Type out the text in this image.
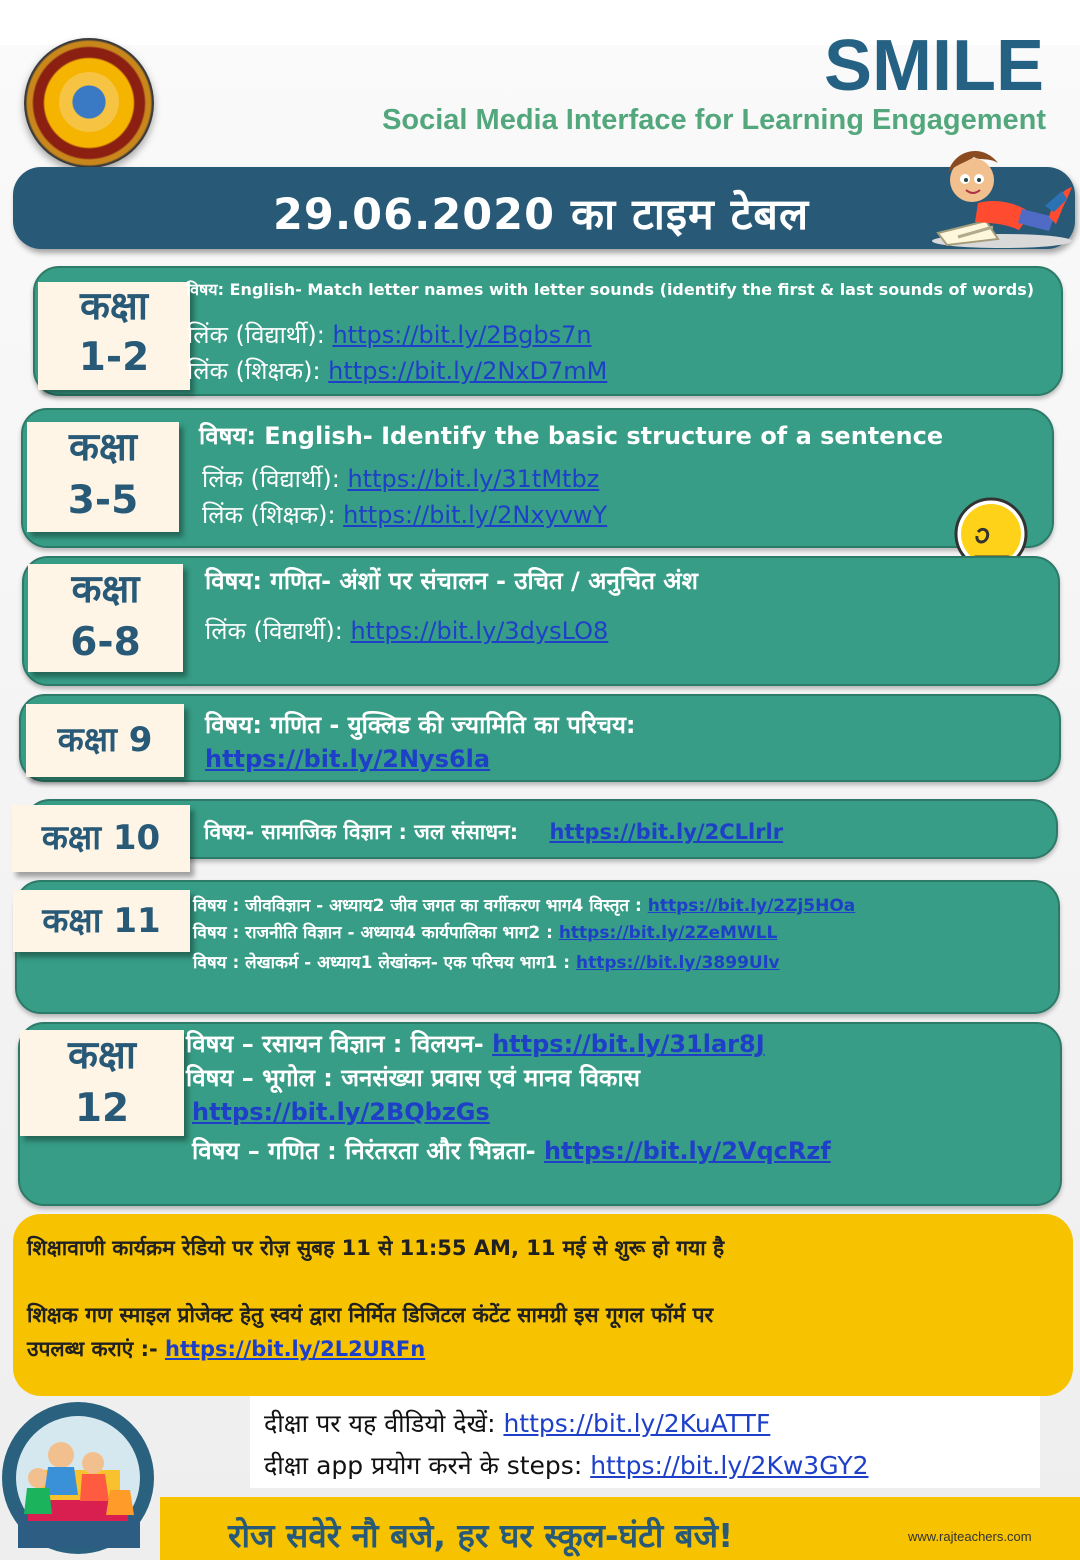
SMILE
Social Media Interface for Learning Engagement
29.06.2020 का टाइम टेबल
कक्षा
1-2
विषय: English- Match letter names with letter sounds (identify the first & last sounds of words)
लिंक (विद्यार्थी): https://bit.ly/2Bgbs7n
लिंक (शिक्षक): https://bit.ly/2NxD7mM
कक्षा
3-5
विषय: English- Identify the basic structure of a sentence
लिंक (विद्यार्थी): https://bit.ly/31tMtbz
लिंक (शिक्षक): https://bit.ly/2NxyvwY
कक्षा
6-8
विषय: गणित- अंशों पर संचालन - उचित / अनुचित अंश
लिंक (विद्यार्थी): https://bit.ly/3dysLO8
कक्षा 9	विषय: गणित - युक्लिड की ज्यामिति का परिचय:
https://bit.ly/2Nys6la
कक्षा 10	विषय- सामाजिक विज्ञान : जल संसाधन: https://bit.ly/2CLlrlr
कक्षा 11	विषय : जीवविज्ञान - अध्याय2 जीव जगत का वर्गीकरण भाग4 विस्तृत : https://bit.ly/2Zj5HOa
विषय : राजनीति विज्ञान - अध्याय4 कार्यपालिका भाग2 : https://bit.ly/2ZeMWLL
विषय : लेखाकर्म - अध्याय1 लेखांकन- एक परिचय भाग1 : https://bit.ly/3899Ulv
कक्षा
12
विषय – रसायन विज्ञान : विलयन- https://bit.ly/31lar8J
विषय – भूगोल : जनसंख्या प्रवास एवं मानव विकास
https://bit.ly/2BQbzGs
विषय – गणित : निरंतरता और भिन्नता- https://bit.ly/2VqcRzf
शिक्षावाणी कार्यक्रम रेडियो पर रोज़ सुबह 11 से 11:55 AM, 11 मई से शुरू हो गया है
शिक्षक गण स्माइल प्रोजेक्ट हेतु स्वयं द्वारा निर्मित डिजिटल कंटेंट सामग्री इस गूगल फॉर्म पर
उपलब्ध कराएं :- https://bit.ly/2L2URFn
दीक्षा पर यह वीडियो देखें: https://bit.ly/2KuATTF
दीक्षा app प्रयोग करने के steps: https://bit.ly/2Kw3GY2
रोज सवेरे नौ बजे, हर घर स्कूल-घंटी बजे!	www.rajteachers.com
